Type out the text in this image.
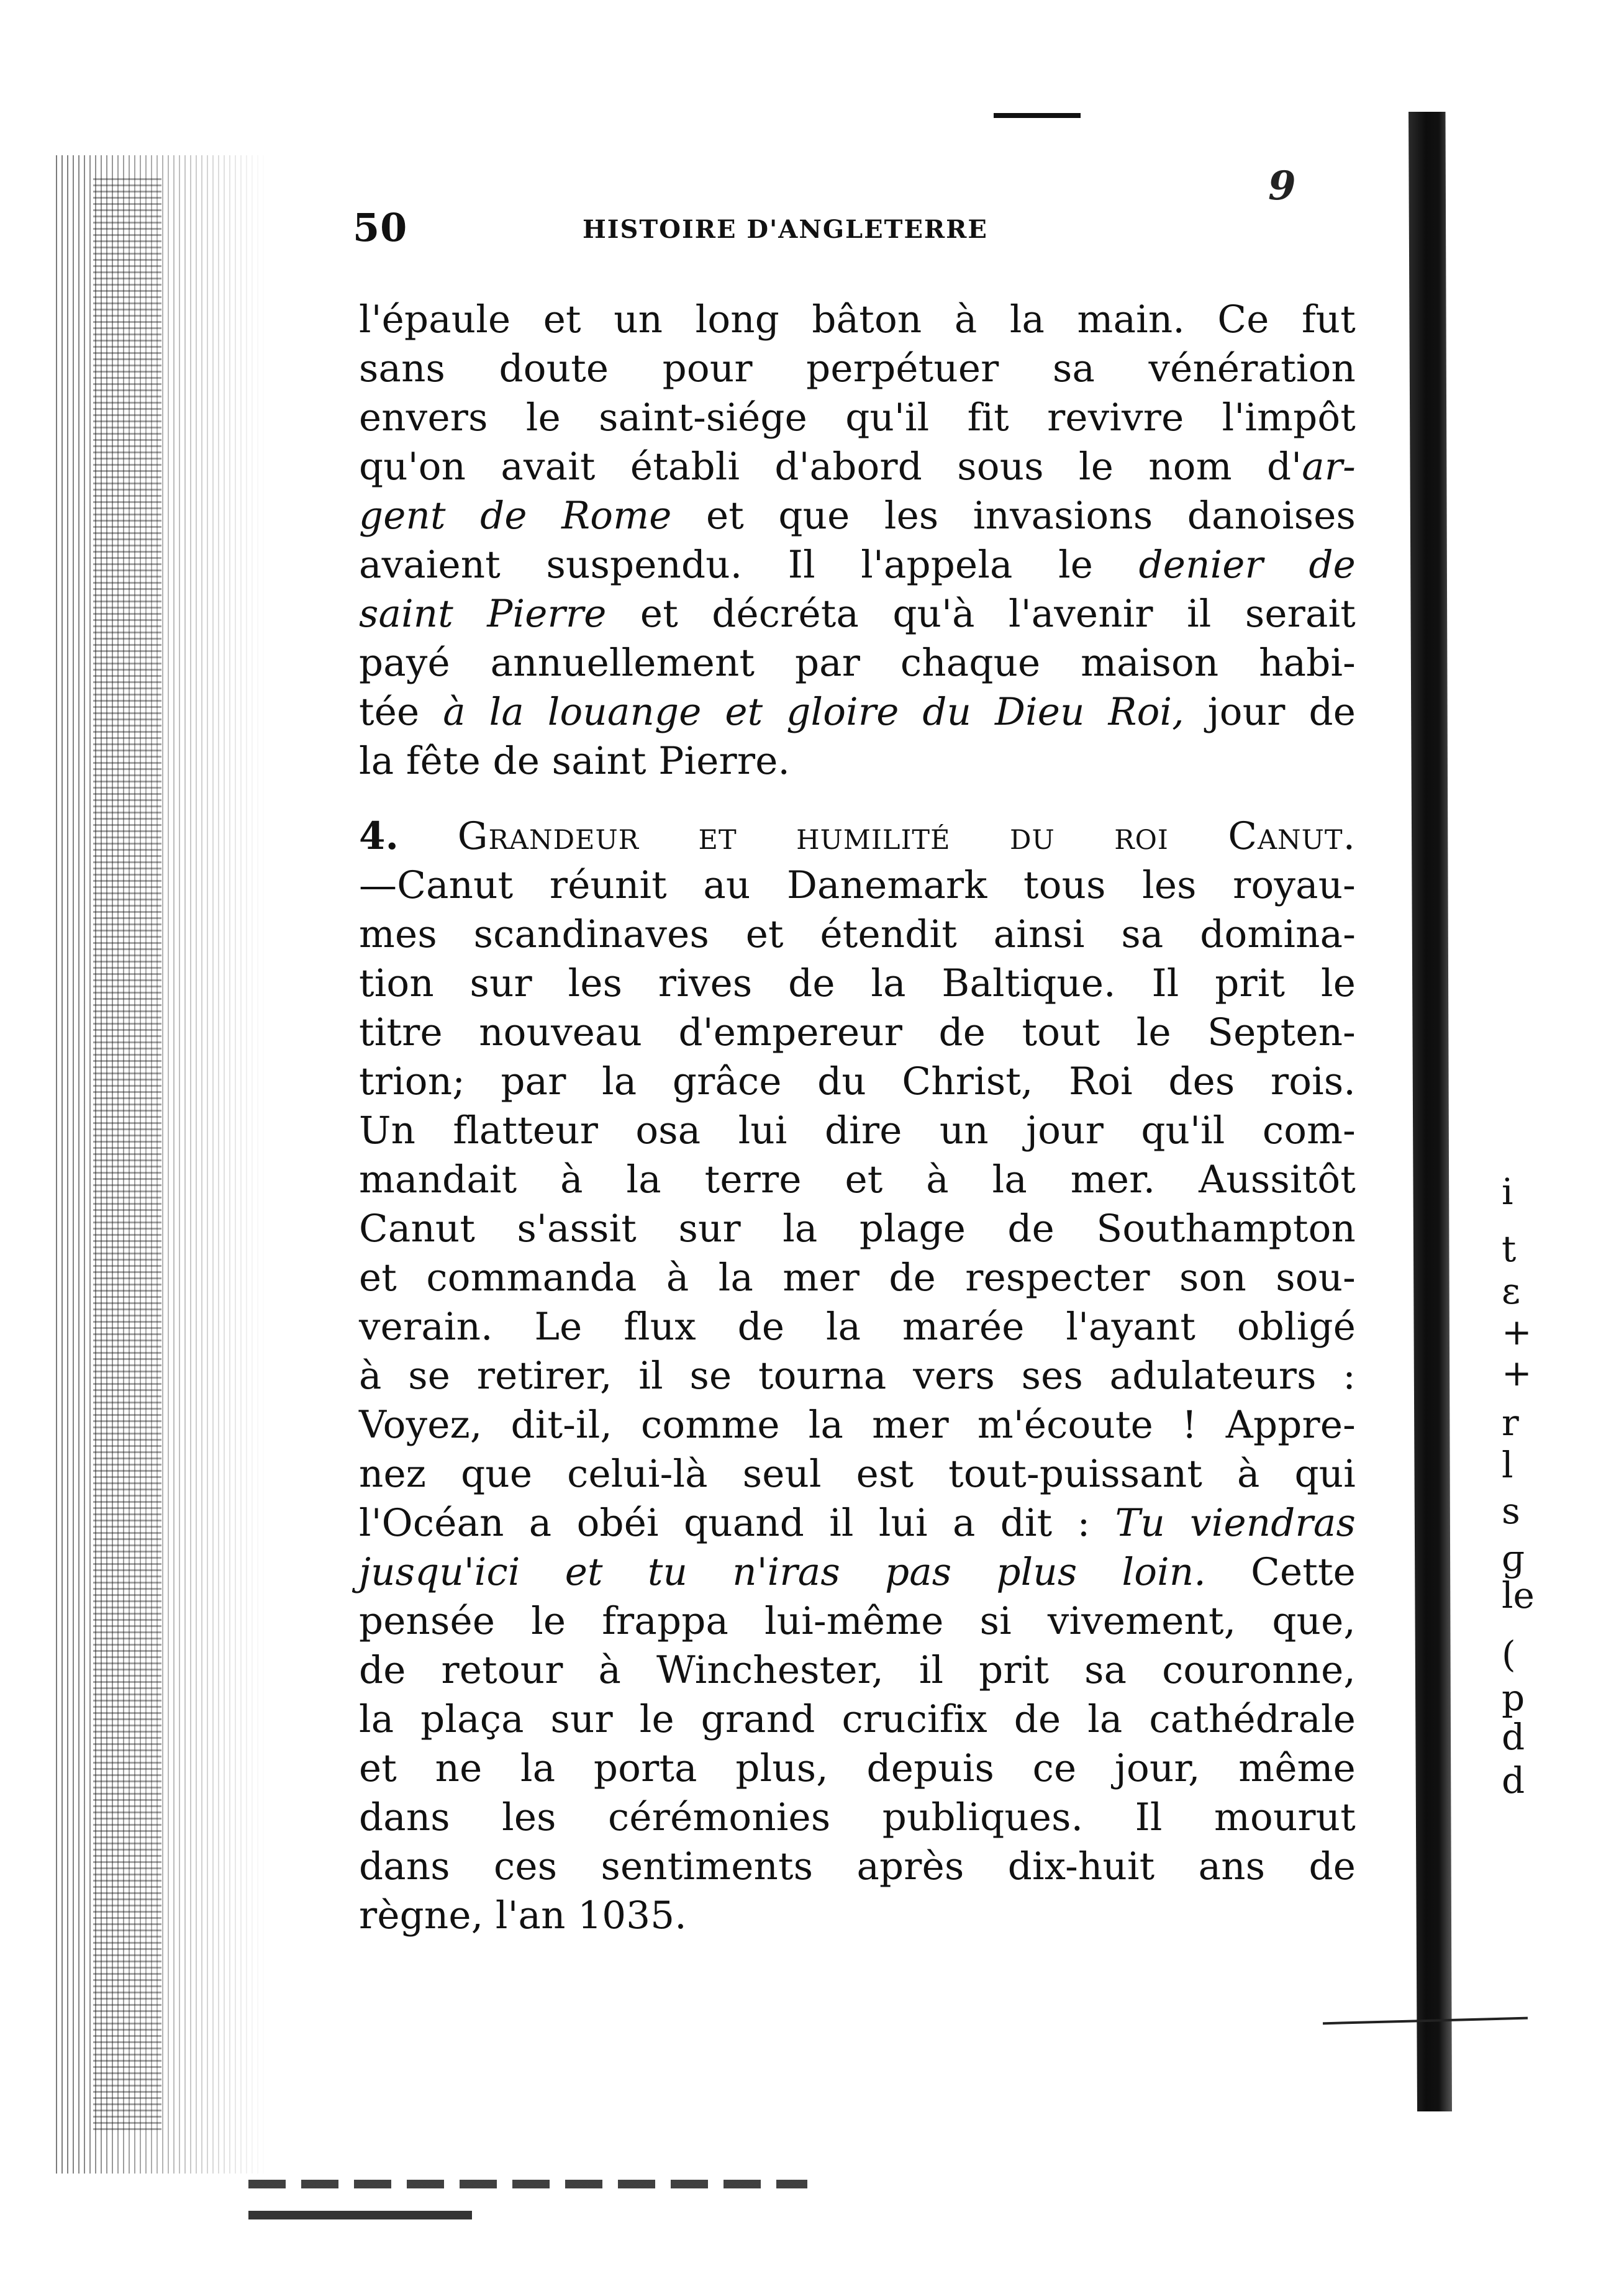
50	HISTOIRE D'ANGLETERRE
9
l'épaule et un long bâton à la main. Ce fut
sans doute pour perpétuer sa vénération
envers le saint-siége qu'il fit revivre l'impôt
qu'on avait établi d'abord sous le nom d'ar-
gent de Rome et que les invasions danoises
avaient suspendu. Il l'appela le denier de
saint Pierre et décréta qu'à l'avenir il serait
payé annuellement par chaque maison habi-
tée à la louange et gloire du Dieu Roi, jour de
la fête de saint Pierre.
4. Grandeur et humilité du roi Canut.
—Canut réunit au Danemark tous les royau-
mes scandinaves et étendit ainsi sa domina-
tion sur les rives de la Baltique. Il prit le
titre nouveau d'empereur de tout le Septen-
trion; par la grâce du Christ, Roi des rois.
Un flatteur osa lui dire un jour qu'il com-
mandait à la terre et à la mer. Aussitôt
Canut s'assit sur la plage de Southampton
et commanda à la mer de respecter son sou-
verain. Le flux de la marée l'ayant obligé
à se retirer, il se tourna vers ses adulateurs :
Voyez, dit-il, comme la mer m'écoute ! Appre-
nez que celui-là seul est tout-puissant à qui
l'Océan a obéi quand il lui a dit : Tu viendras
jusqu'ici et tu n'iras pas plus loin. Cette
pensée le frappa lui-même si vivement, que,
de retour à Winchester, il prit sa couronne,
la plaça sur le grand crucifix de la cathédrale
et ne la porta plus, depuis ce jour, même
dans les cérémonies publiques. Il mourut
dans ces sentiments après dix-huit ans de
règne, l'an 1035.
i
t
ε
+
+
r
l
s
ɡ
le
(
p
d
d
